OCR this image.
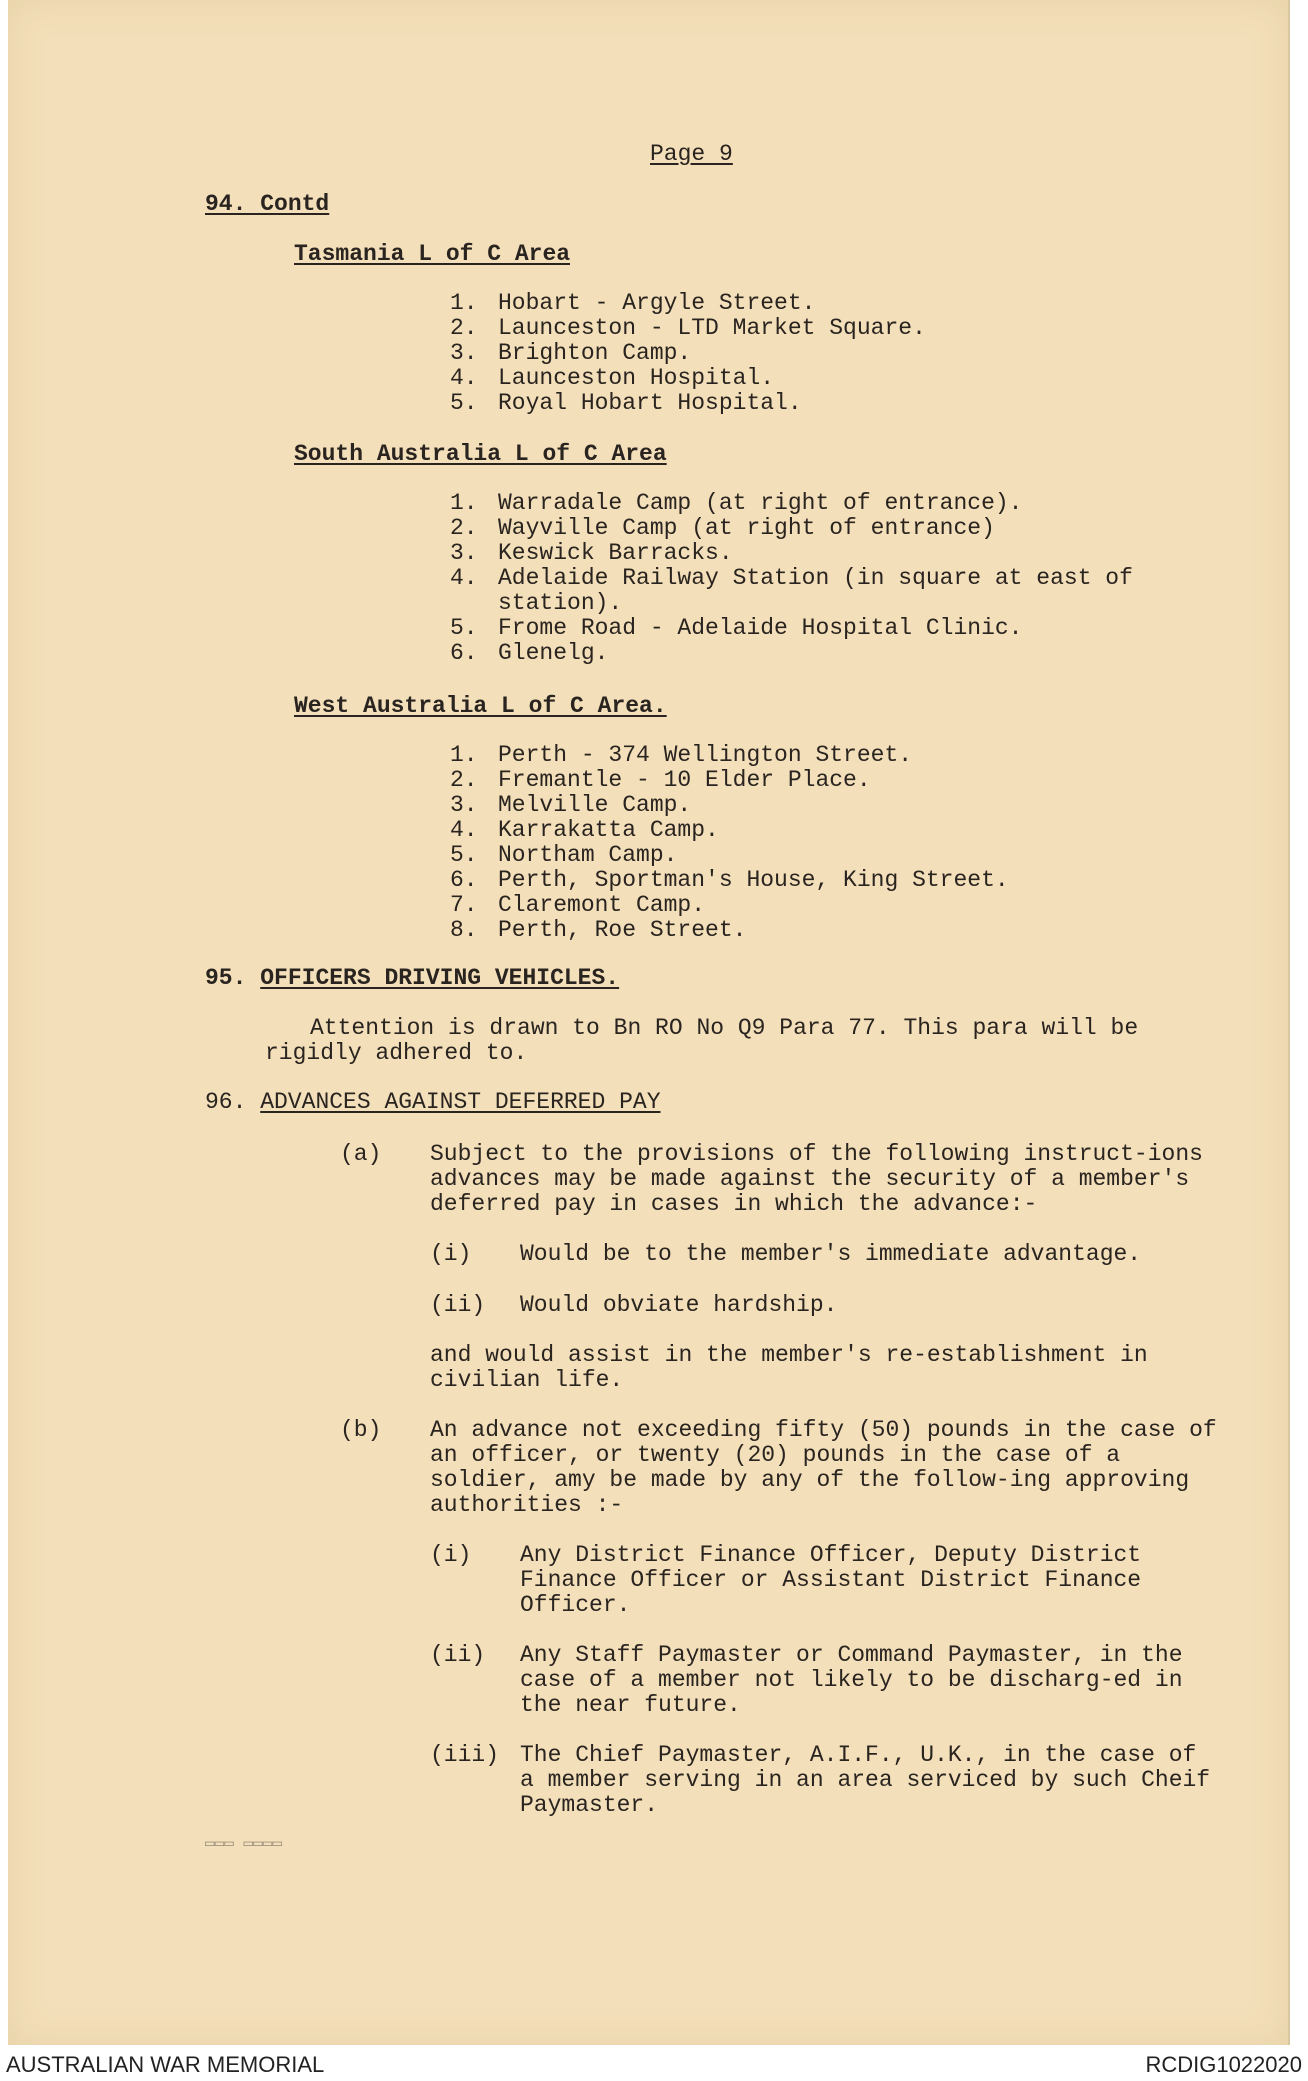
Page 9
94. Contd
Tasmania L of C Area
1. Hobart - Argyle Street.
2. Launceston - LTD Market Square.
3. Brighton Camp.
4. Launceston Hospital.
5. Royal Hobart Hospital.
South Australia L of C Area
1. Warradale Camp (at right of entrance).
2. Wayville Camp (at right of entrance)
3. Keswick Barracks.
4. Adelaide Railway Station (in square at east of station).
5. Frome Road - Adelaide Hospital Clinic.
6. Glenelg.
West Australia L of C Area.
1. Perth - 374 Wellington Street.
2. Fremantle - 10 Elder Place.
3. Melville Camp.
4. Karrakatta Camp.
5. Northam Camp.
6. Perth, Sportman's House, King Street.
7. Claremont Camp.
8. Perth, Roe Street.
95. OFFICERS DRIVING VEHICLES.
Attention is drawn to Bn RO No Q9 Para 77. This para will be rigidly adhered to.
96. ADVANCES AGAINST DEFERRED PAY
(a)	Subject to the provisions of the following instruct-ions advances may be made against the security of a member's deferred pay in cases in which the advance:-
(i)	Would be to the member's immediate advantage.
(ii)	Would obviate hardship.
and would assist in the member's re-establishment in civilian life.
(b)	An advance not exceeding fifty (50) pounds in the case of an officer, or twenty (20) pounds in the case of a soldier, amy be made by any of the follow-ing approving authorities :-
(i)	Any District Finance Officer, Deputy District Finance Officer or Assistant District Finance Officer.
(ii)	Any Staff Paymaster or Command Paymaster, in the case of a member not likely to be discharg-ed in the near future.
(iii) The Chief Paymaster, A.I.F., U.K., in the case of a member serving in an area serviced by such Cheif Paymaster.
▭▭▭ ▭▭▭▭
AUSTRALIAN WAR MEMORIAL	RCDIG1022020
